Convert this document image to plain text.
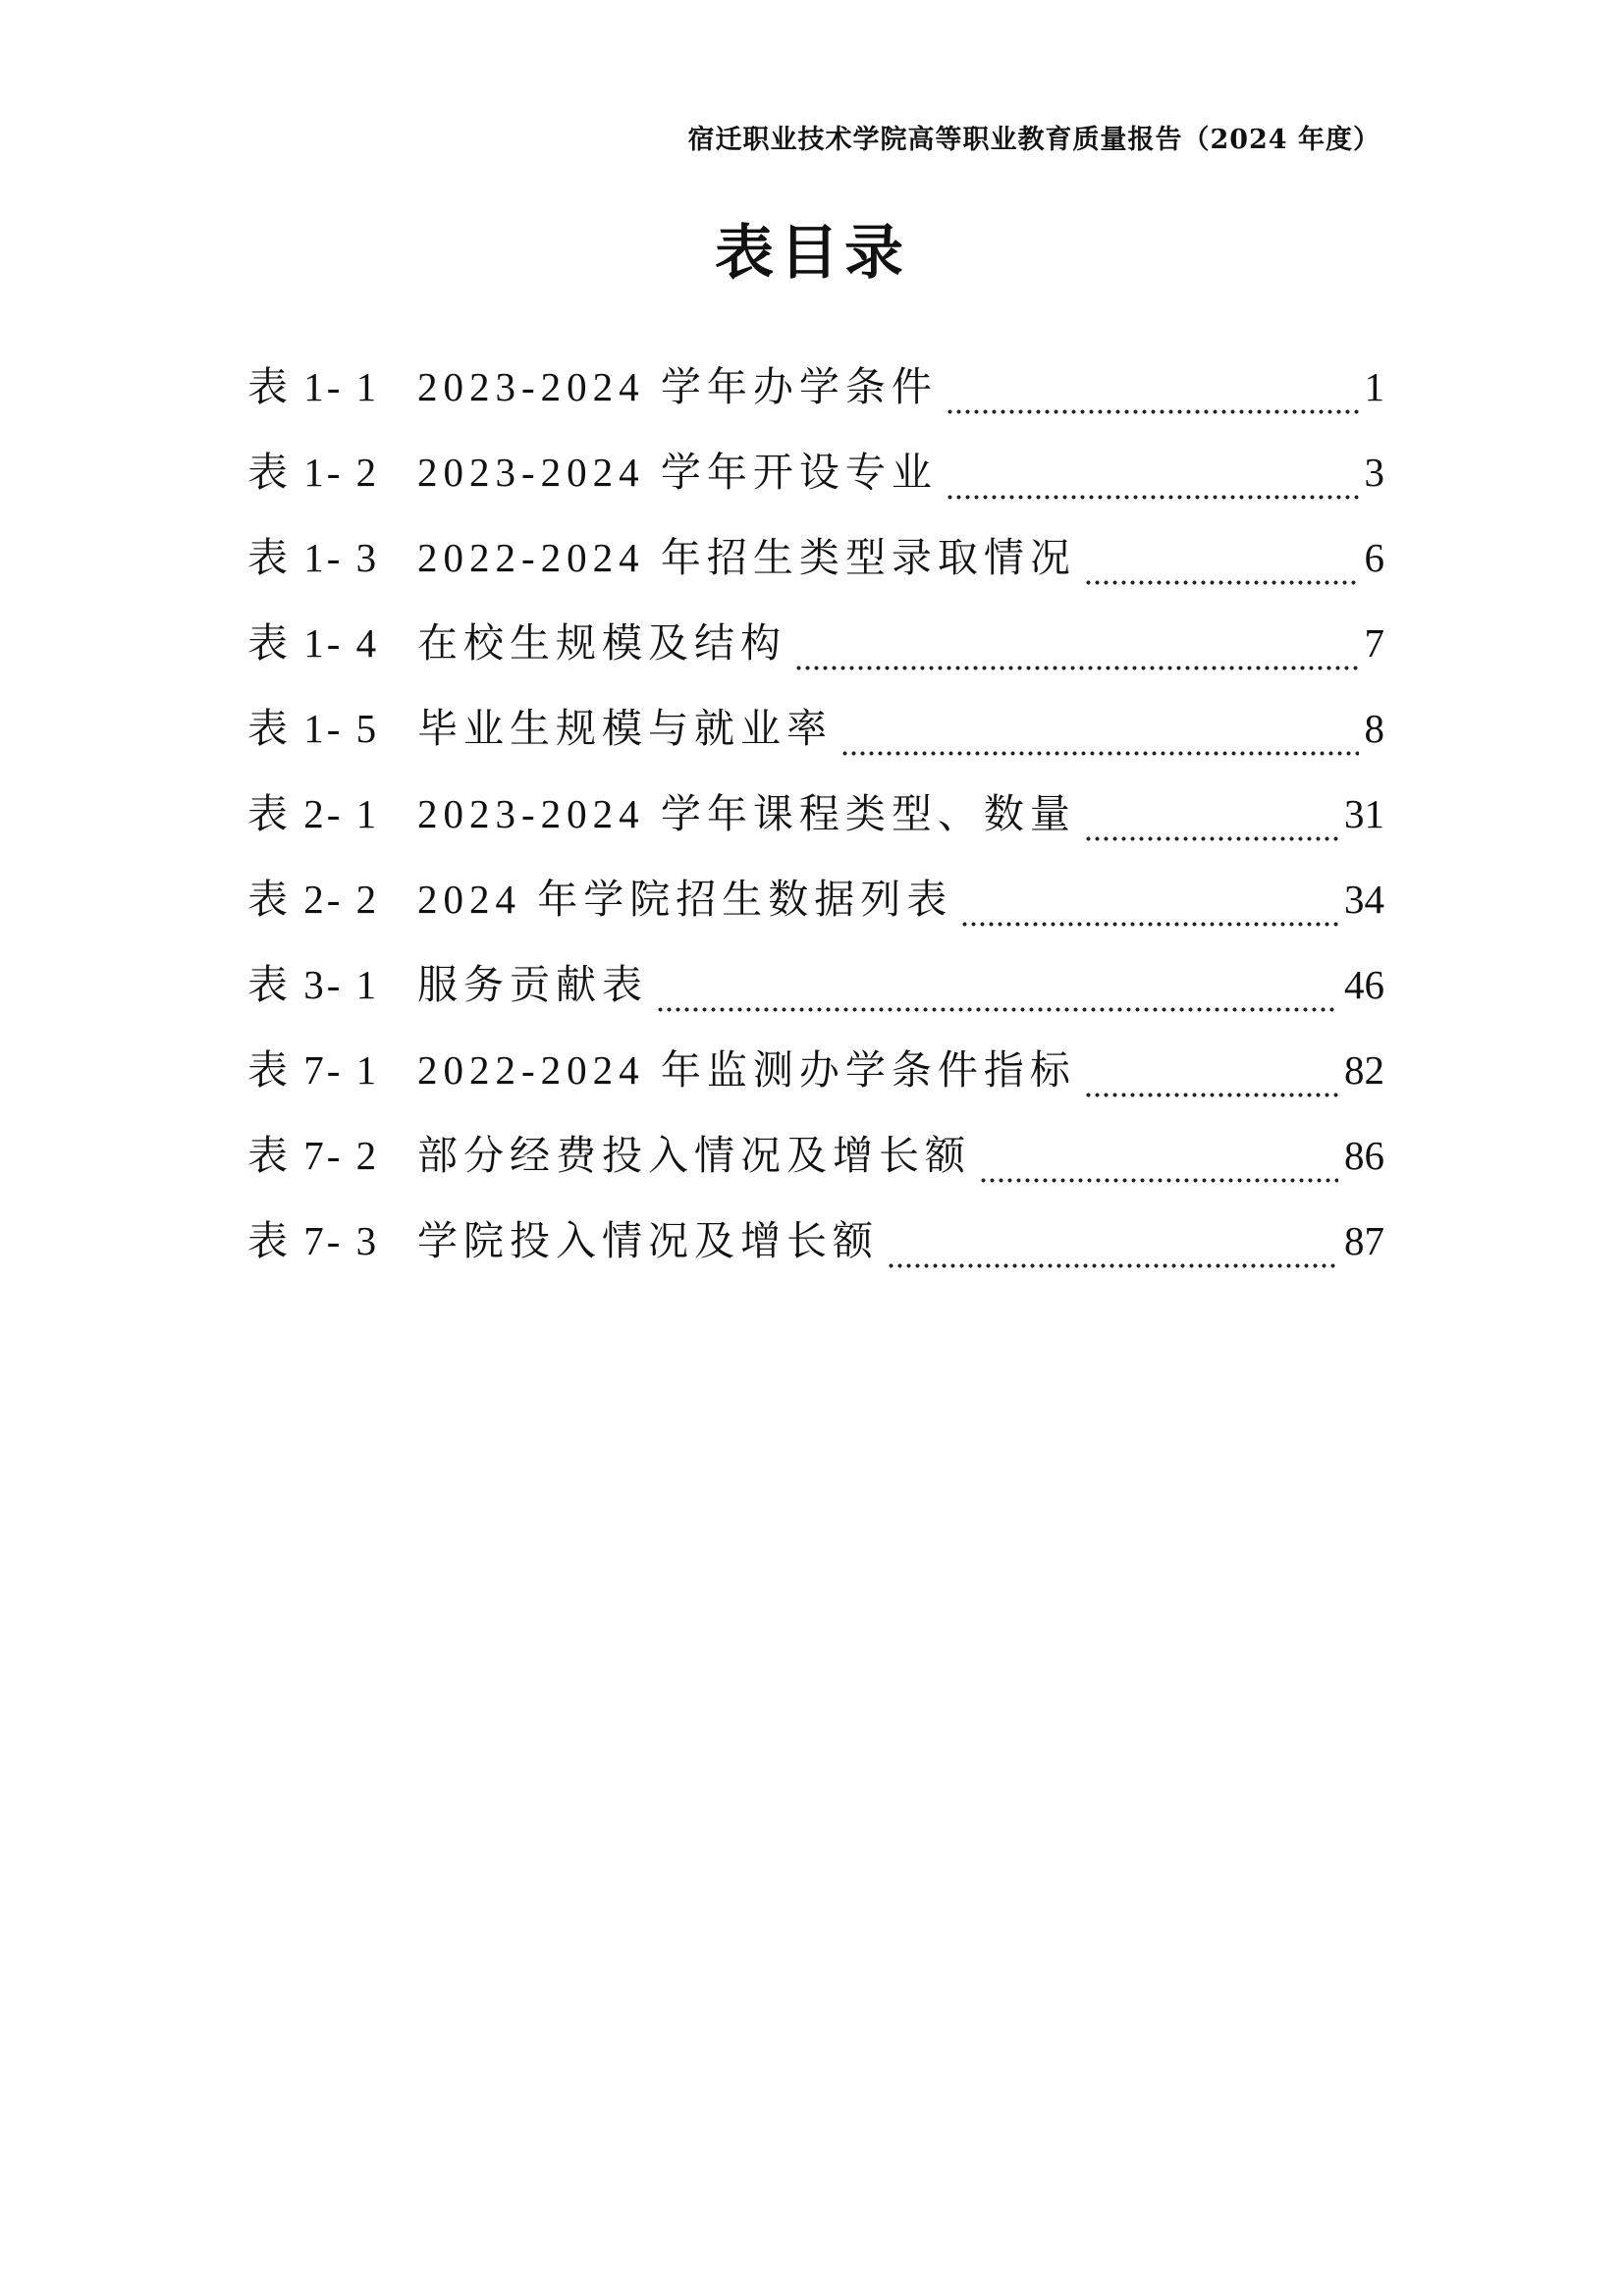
宿迁职业技术学院高等职业教育质量报告（2024 年度）
表目录
表 1- 1 2023-2024 学年办学条件	1
表 1- 2 2023-2024 学年开设专业	3
表 1- 3 2022-2024 年招生类型录取情况	6
表 1- 4 在校生规模及结构	7
表 1- 5 毕业生规模与就业率	8
表 2- 1 2023-2024 学年课程类型、数量	31
表 2- 2 2024 年学院招生数据列表	34
表 3- 1 服务贡献表	46
表 7- 1 2022-2024 年监测办学条件指标	82
表 7- 2 部分经费投入情况及增长额	86
表 7- 3 学院投入情况及增长额	87
